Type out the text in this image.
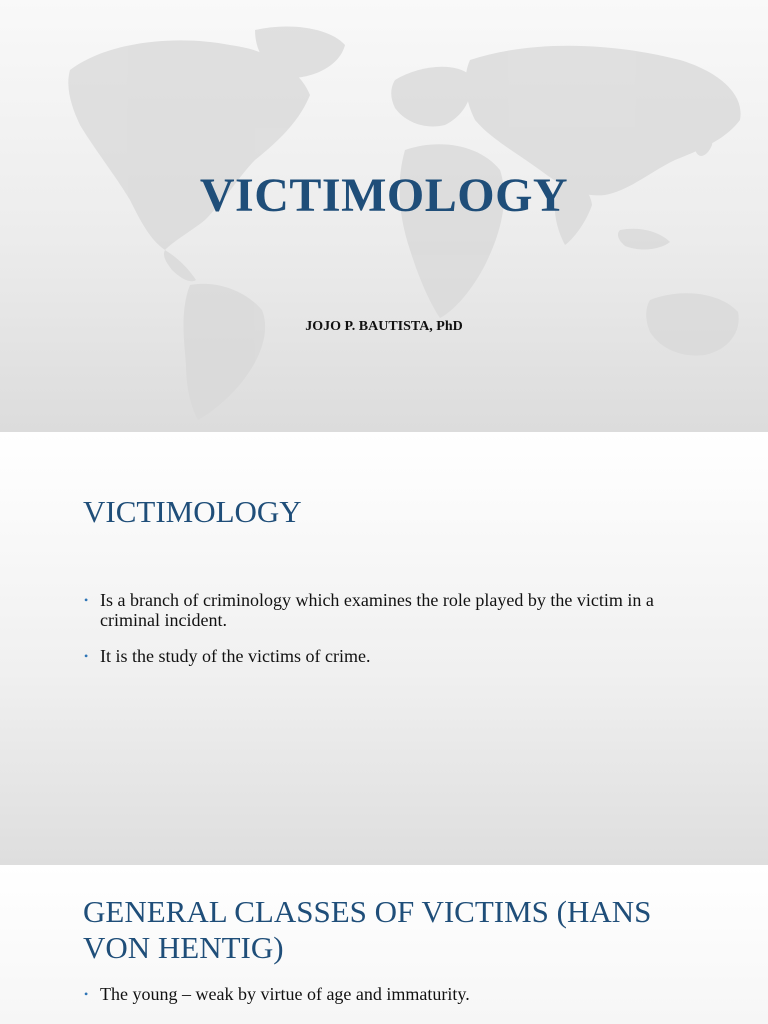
VICTIMOLOGY
JOJO P. BAUTISTA, PhD
VICTIMOLOGY
• Is a branch of criminology which examines the role played by the victim in a criminal incident.
• It is the study of the victims of crime.
GENERAL CLASSES OF VICTIMS (HANS VON HENTIG)
• The young – weak by virtue of age and immaturity.
